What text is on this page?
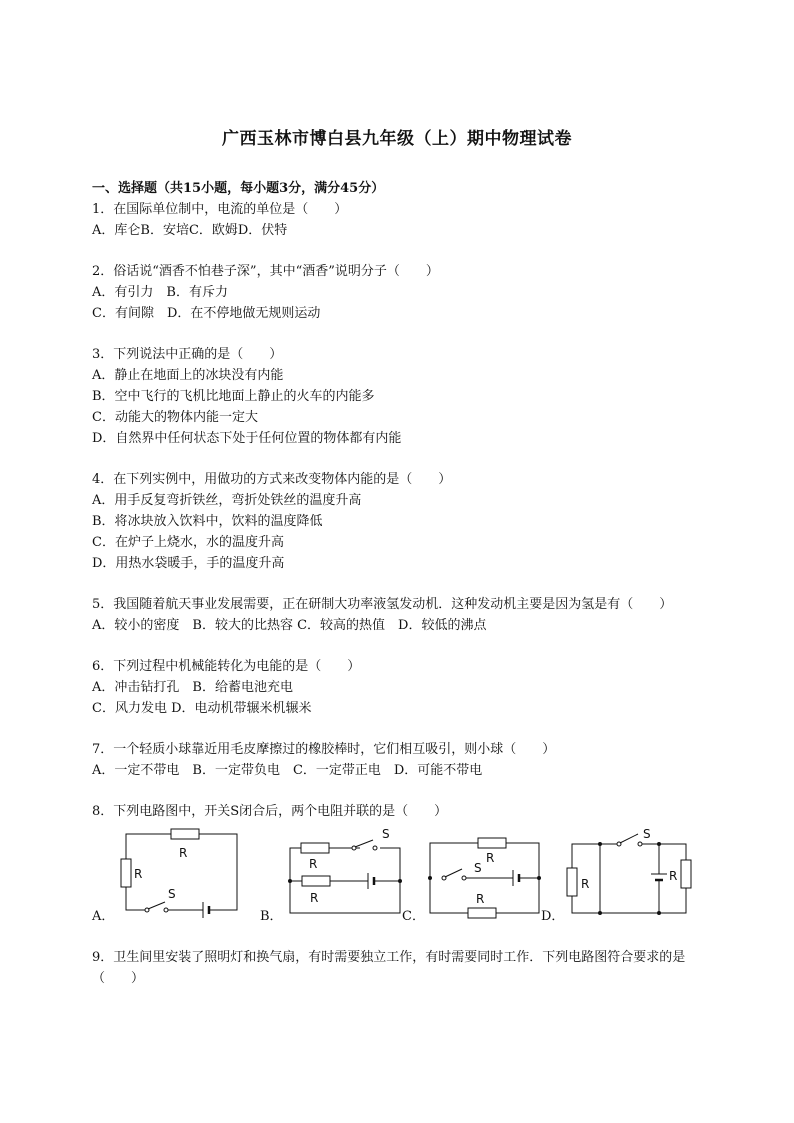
广西玉林市博白县九年级（上）期中物理试卷
一、选择题（共15小题，每小题3分，满分45分）
1．在国际单位制中，电流的单位是（　　）
A．库仑B．安培C．欧姆D．伏特
2．俗话说“酒香不怕巷子深”，其中“酒香”说明分子（　　）
A．有引力　B．有斥力
C．有间隙　D．在不停地做无规则运动
3．下列说法中正确的是（　　）
A．静止在地面上的冰块没有内能
B．空中飞行的飞机比地面上静止的火车的内能多
C．动能大的物体内能一定大
D．自然界中任何状态下处于任何位置的物体都有内能
4．在下列实例中，用做功的方式来改变物体内能的是（　　）
A．用手反复弯折铁丝，弯折处铁丝的温度升高
B．将冰块放入饮料中，饮料的温度降低
C．在炉子上烧水，水的温度升高
D．用热水袋暖手，手的温度升高
5．我国随着航天事业发展需要，正在研制大功率液氢发动机．这种发动机主要是因为氢是有（　　）
A．较小的密度　B．较大的比热容 C．较高的热值　D．较低的沸点
6．下列过程中机械能转化为电能的是（　　）
A．冲击钻打孔　B．给蓄电池充电
C．风力发电 D．电动机带辗米机辗米
7．一个轻质小球靠近用毛皮摩擦过的橡胶棒时，它们相互吸引，则小球（　　）
A．一定不带电　B．一定带负电　C．一定带正电　D．可能不带电
8．下列电路图中，开关S闭合后，两个电阻并联的是（　　）
R
R
S
R
R
S
R
R
S
R
R
S
A．	B．	C．	D．
9．卫生间里安装了照明灯和换气扇，有时需要独立工作，有时需要同时工作．下列电路图符合要求的是（　　）
